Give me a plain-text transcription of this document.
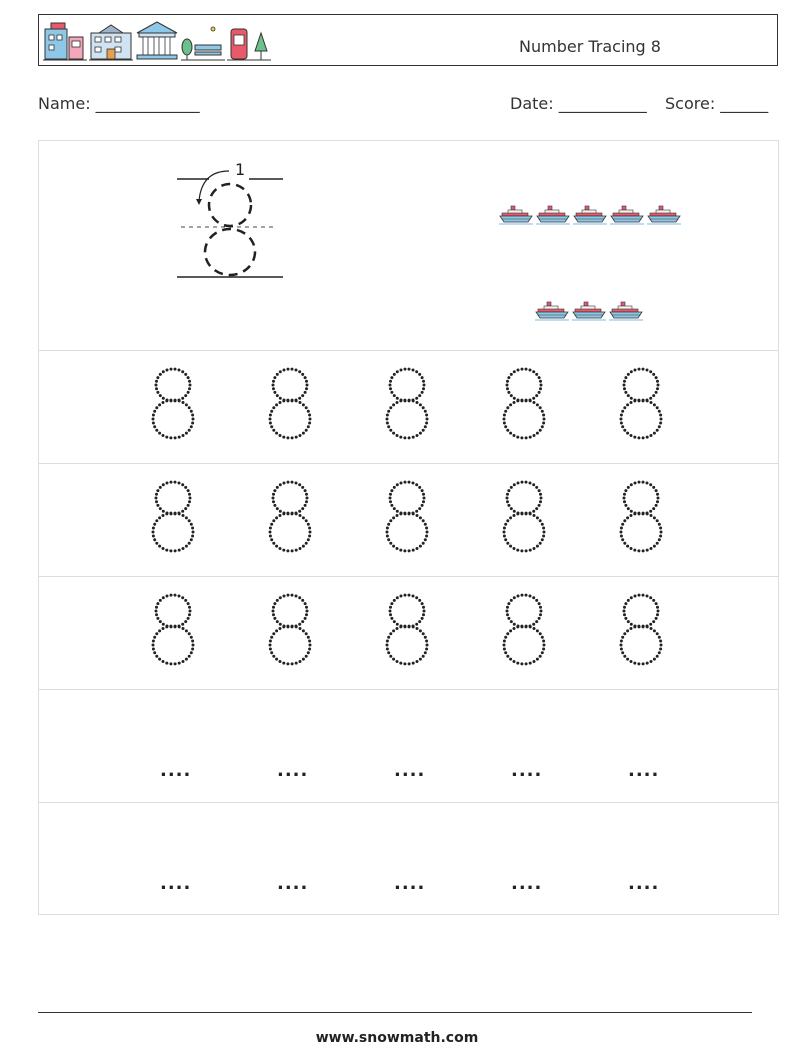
Number Tracing 8
Name: _____________	Date: ___________ Score: ______
1
....	....	....	....	....
....	....	....	....	....
www.snowmath.com
